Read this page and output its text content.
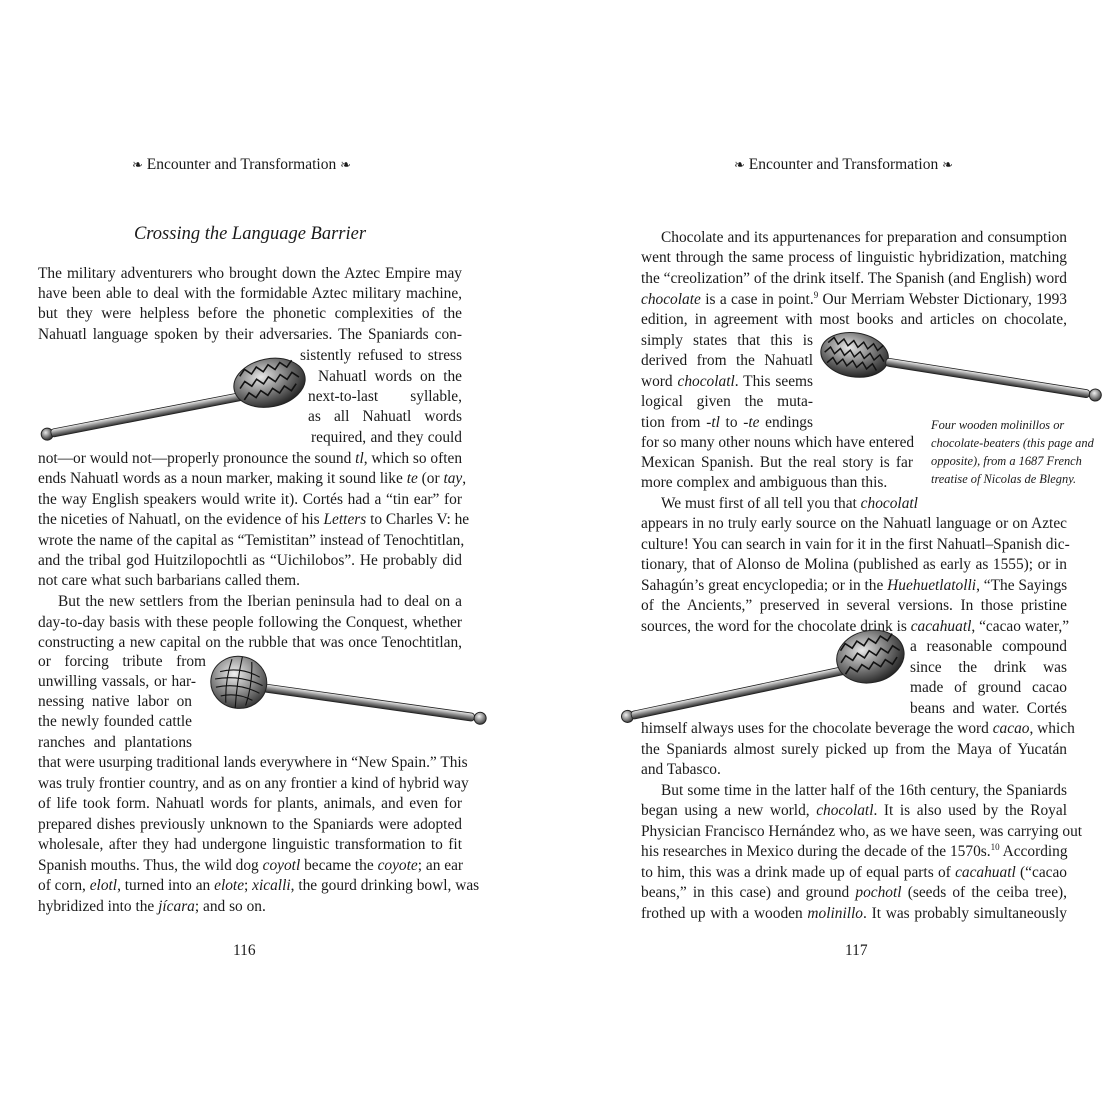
❧ Encounter and Transformation ❧
Crossing the Language Barrier
The military adventurers who brought down the Aztec Empire may
have been able to deal with the formidable Aztec military machine,
but they were helpless before the phonetic complexities of the
Nahuatl language spoken by their adversaries. The Spaniards con-
sistently refused to stress
Nahuatl words on the
next-to-last syllable,
as all Nahuatl words
required, and they could
not—or would not—properly pronounce the sound tl, which so often
ends Nahuatl words as a noun marker, making it sound like te (or tay,
the way English speakers would write it). Cortés had a “tin ear” for
the niceties of Nahuatl, on the evidence of his Letters to Charles V: he
wrote the name of the capital as “Temistitan” instead of Tenochtitlan,
and the tribal god Huitzilopochtli as “Uichilobos”. He probably did
not care what such barbarians called them.
But the new settlers from the Iberian peninsula had to deal on a
day-to-day basis with these people following the Conquest, whether
constructing a new capital on the rubble that was once Tenochtitlan,
or forcing tribute from
unwilling vassals, or har-
nessing native labor on
the newly founded cattle
ranches and plantations
that were usurping traditional lands everywhere in “New Spain.” This
was truly frontier country, and as on any frontier a kind of hybrid way
of life took form. Nahuatl words for plants, animals, and even for
prepared dishes previously unknown to the Spaniards were adopted
wholesale, after they had undergone linguistic transformation to fit
Spanish mouths. Thus, the wild dog coyotl became the coyote; an ear
of corn, elotl, turned into an elote; xicalli, the gourd drinking bowl, was
hybridized into the jícara; and so on.
116
❧ Encounter and Transformation ❧
Chocolate and its appurtenances for preparation and consumption
went through the same process of linguistic hybridization, matching
the “creolization” of the drink itself. The Spanish (and English) word
chocolate is a case in point.$^9$ Our Merriam Webster Dictionary, 1993
edition, in agreement with most books and articles on chocolate,
simply states that this is
derived from the Nahuatl
word chocolatl. This seems
logical given the muta-
tion from -tl to -te endings
for so many other nouns which have entered
Mexican Spanish. But the real story is far
more complex and ambiguous than this.
We must first of all tell you that chocolatl
appears in no truly early source on the Nahuatl language or on Aztec
culture! You can search in vain for it in the first Nahuatl–Spanish dic-
tionary, that of Alonso de Molina (published as early as 1555); or in
Sahagún’s great encyclopedia; or in the Huehuetlatolli, “The Sayings
of the Ancients,” preserved in several versions. In those pristine
sources, the word for the chocolate drink is cacahuatl, “cacao water,”
a reasonable compound
since the drink was
made of ground cacao
beans and water. Cortés
himself always uses for the chocolate beverage the word cacao, which
the Spaniards almost surely picked up from the Maya of Yucatán
and Tabasco.
But some time in the latter half of the 16th century, the Spaniards
began using a new world, chocolatl. It is also used by the Royal
Physician Francisco Hernández who, as we have seen, was carrying out
his researches in Mexico during the decade of the 1570s.$^{10}$ According
to him, this was a drink made up of equal parts of cacahuatl (“cacao
beans,” in this case) and ground pochotl (seeds of the ceiba tree),
frothed up with a wooden molinillo. It was probably simultaneously
Four wooden molinillos or
chocolate-beaters (this page and
opposite), from a 1687 French
treatise of Nicolas de Blegny.
117
